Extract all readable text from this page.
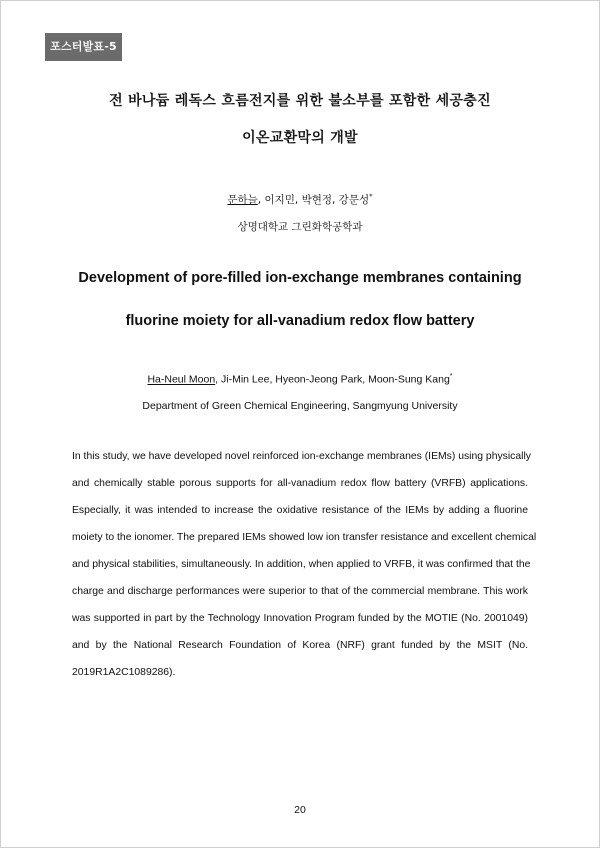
포스터발표-5
전 바나듐 레독스 흐름전지를 위한 불소부를 포함한 세공충진
이온교환막의 개발
문하늘, 이지민, 박현정, 강문성*
상명대학교 그린화학공학과
Development of pore-filled ion-exchange membranes containing
fluorine moiety for all-vanadium redox flow battery
Ha-Neul Moon, Ji-Min Lee, Hyeon-Jeong Park, Moon-Sung Kang*
Department of Green Chemical Engineering, Sangmyung University
In this study, we have developed novel reinforced ion-exchange membranes (IEMs) using physically
and chemically stable porous supports for all-vanadium redox flow battery (VRFB) applications.
Especially, it was intended to increase the oxidative resistance of the IEMs by adding a fluorine
moiety to the ionomer. The prepared IEMs showed low ion transfer resistance and excellent chemical
and physical stabilities, simultaneously. In addition, when applied to VRFB, it was confirmed that the
charge and discharge performances were superior to that of the commercial membrane. This work
was supported in part by the Technology Innovation Program funded by the MOTIE (No. 2001049)
and by the National Research Foundation of Korea (NRF) grant funded by the MSIT (No.
2019R1A2C1089286).
20
